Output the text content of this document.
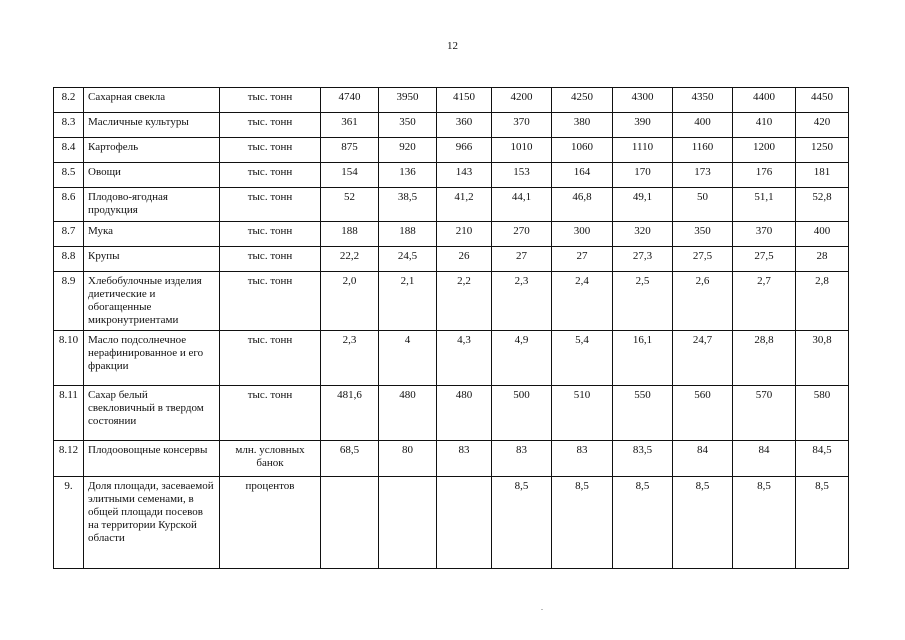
12
8.2	Сахарная свекла	тыс. тонн	4740	3950	4150	4200	4250	4300	4350	4400	4450
8.3	Масличные культуры	тыс. тонн	361	350	360	370	380	390	400	410	420
8.4	Картофель	тыс. тонн	875	920	966	1010	1060	1110	1160	1200	1250
8.5	Овощи	тыс. тонн	154	136	143	153	164	170	173	176	181
8.6	Плодово-ягодная продукция	тыс. тонн	52	38,5	41,2	44,1	46,8	49,1	50	51,1	52,8
8.7	Мука	тыс. тонн	188	188	210	270	300	320	350	370	400
8.8	Крупы	тыс. тонн	22,2	24,5	26	27	27	27,3	27,5	27,5	28
8.9	Хлебобулочные изделия диетические и обогащенные микронутриентами	тыс. тонн	2,0	2,1	2,2	2,3	2,4	2,5	2,6	2,7	2,8
8.10	Масло подсолнечное нерафинированное и его фракции	тыс. тонн	2,3	4	4,3	4,9	5,4	16,1	24,7	28,8	30,8
8.11	Сахар белый свекловичный в твердом состоянии	тыс. тонн	481,6	480	480	500	510	550	560	570	580
8.12	Плодоовощные консервы	млн. условных банок	68,5	80	83	83	83	83,5	84	84	84,5
9.	Доля площади, засеваемой элитными семенами, в общей площади посевов на территории Курской области	процентов				8,5	8,5	8,5	8,5	8,5	8,5
